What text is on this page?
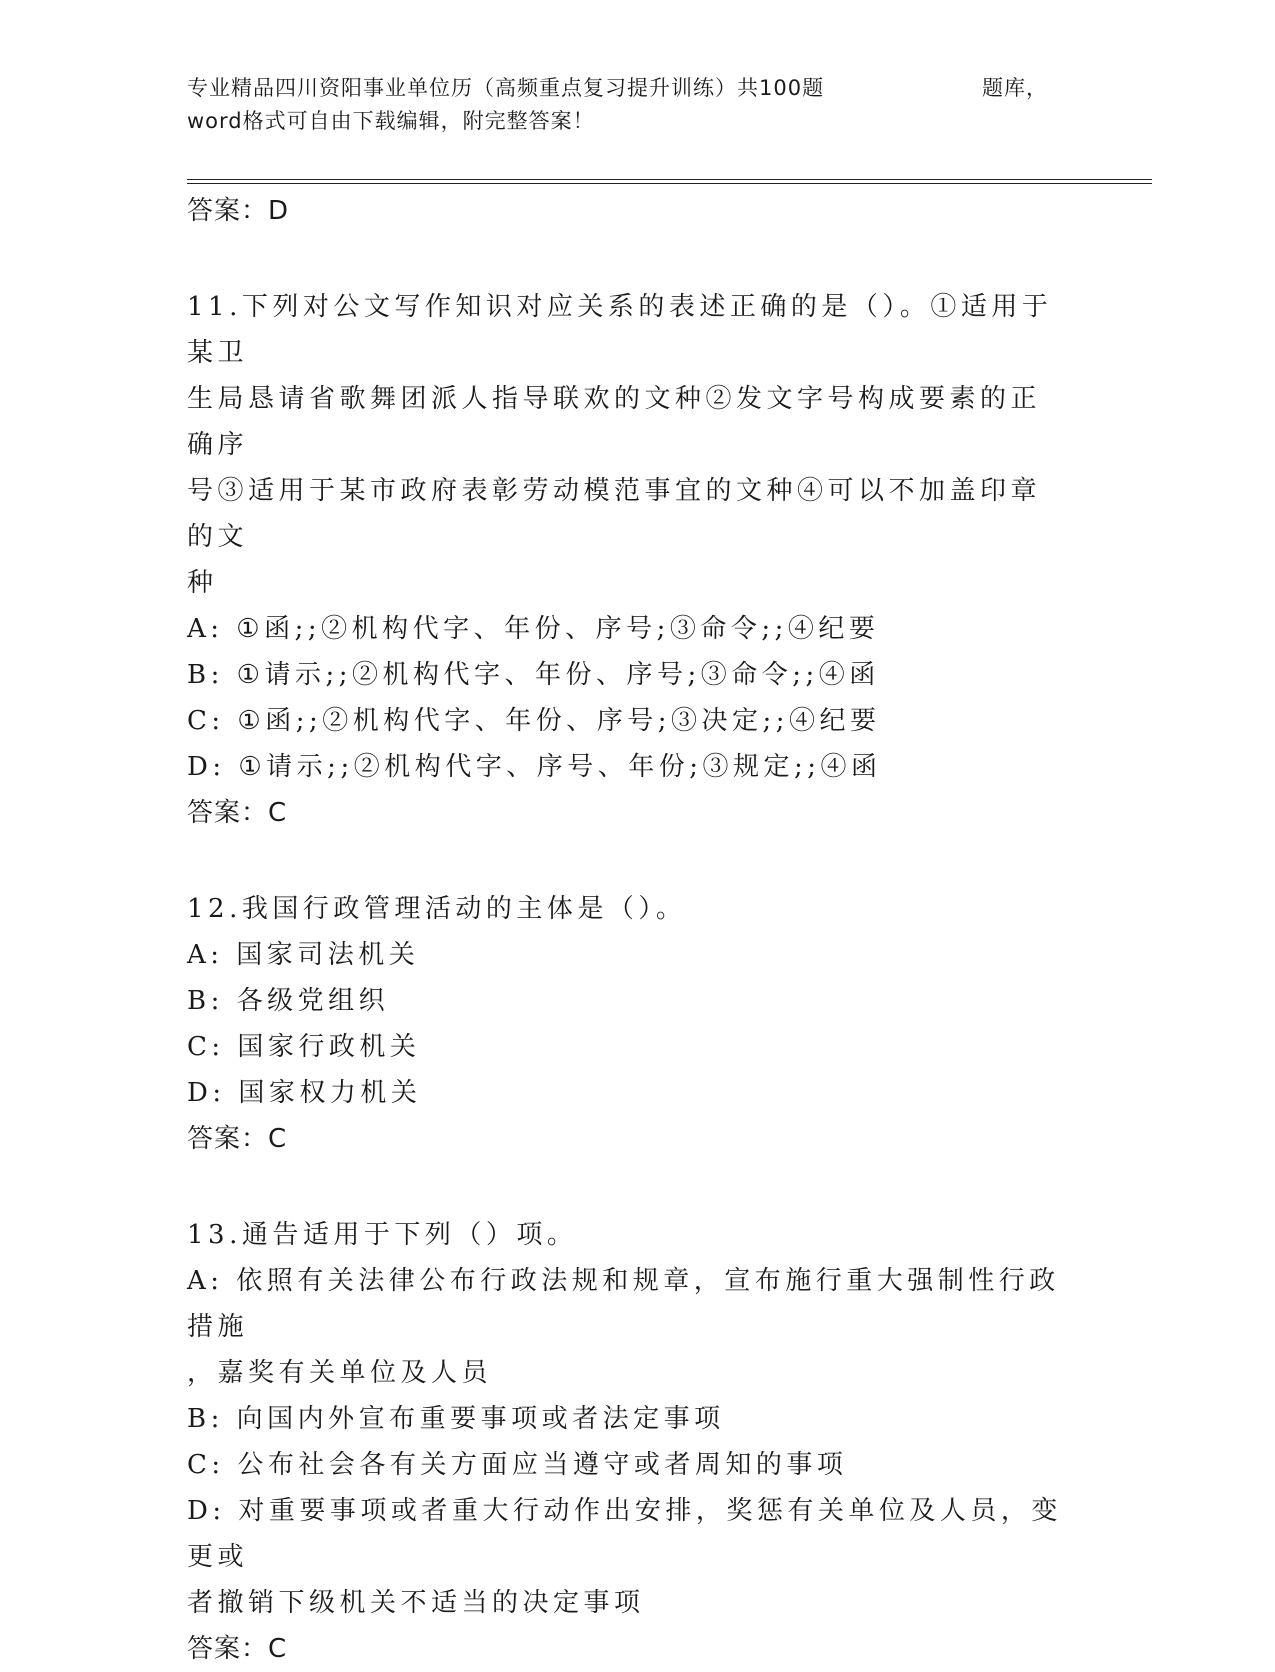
专业精品四川资阳事业单位历（高频重点复习提升训练）共100题	题库，
word格式可自由下载编辑，附完整答案！
答案：D
11.下列对公文写作知识对应关系的表述正确的是（）。①适用于某卫
生局恳请省歌舞团派人指导联欢的文种②发文字号构成要素的正确序
号③适用于某市政府表彰劳动模范事宜的文种④可以不加盖印章的文
种
A: ①函;;②机构代字、年份、序号;③命令;;④纪要
B: ①请示;;②机构代字、年份、序号;③命令;;④函
C: ①函;;②机构代字、年份、序号;③决定;;④纪要
D: ①请示;;②机构代字、序号、年份;③规定;;④函
答案：C
12.我国行政管理活动的主体是（）。
A: 国家司法机关
B: 各级党组织
C: 国家行政机关
D: 国家权力机关
答案：C
13.通告适用于下列（）项。
A: 依照有关法律公布行政法规和规章，宣布施行重大强制性行政措施
，嘉奖有关单位及人员
B: 向国内外宣布重要事项或者法定事项
C: 公布社会各有关方面应当遵守或者周知的事项
D: 对重要事项或者重大行动作出安排，奖惩有关单位及人员，变更或
者撤销下级机关不适当的决定事项
答案：C
